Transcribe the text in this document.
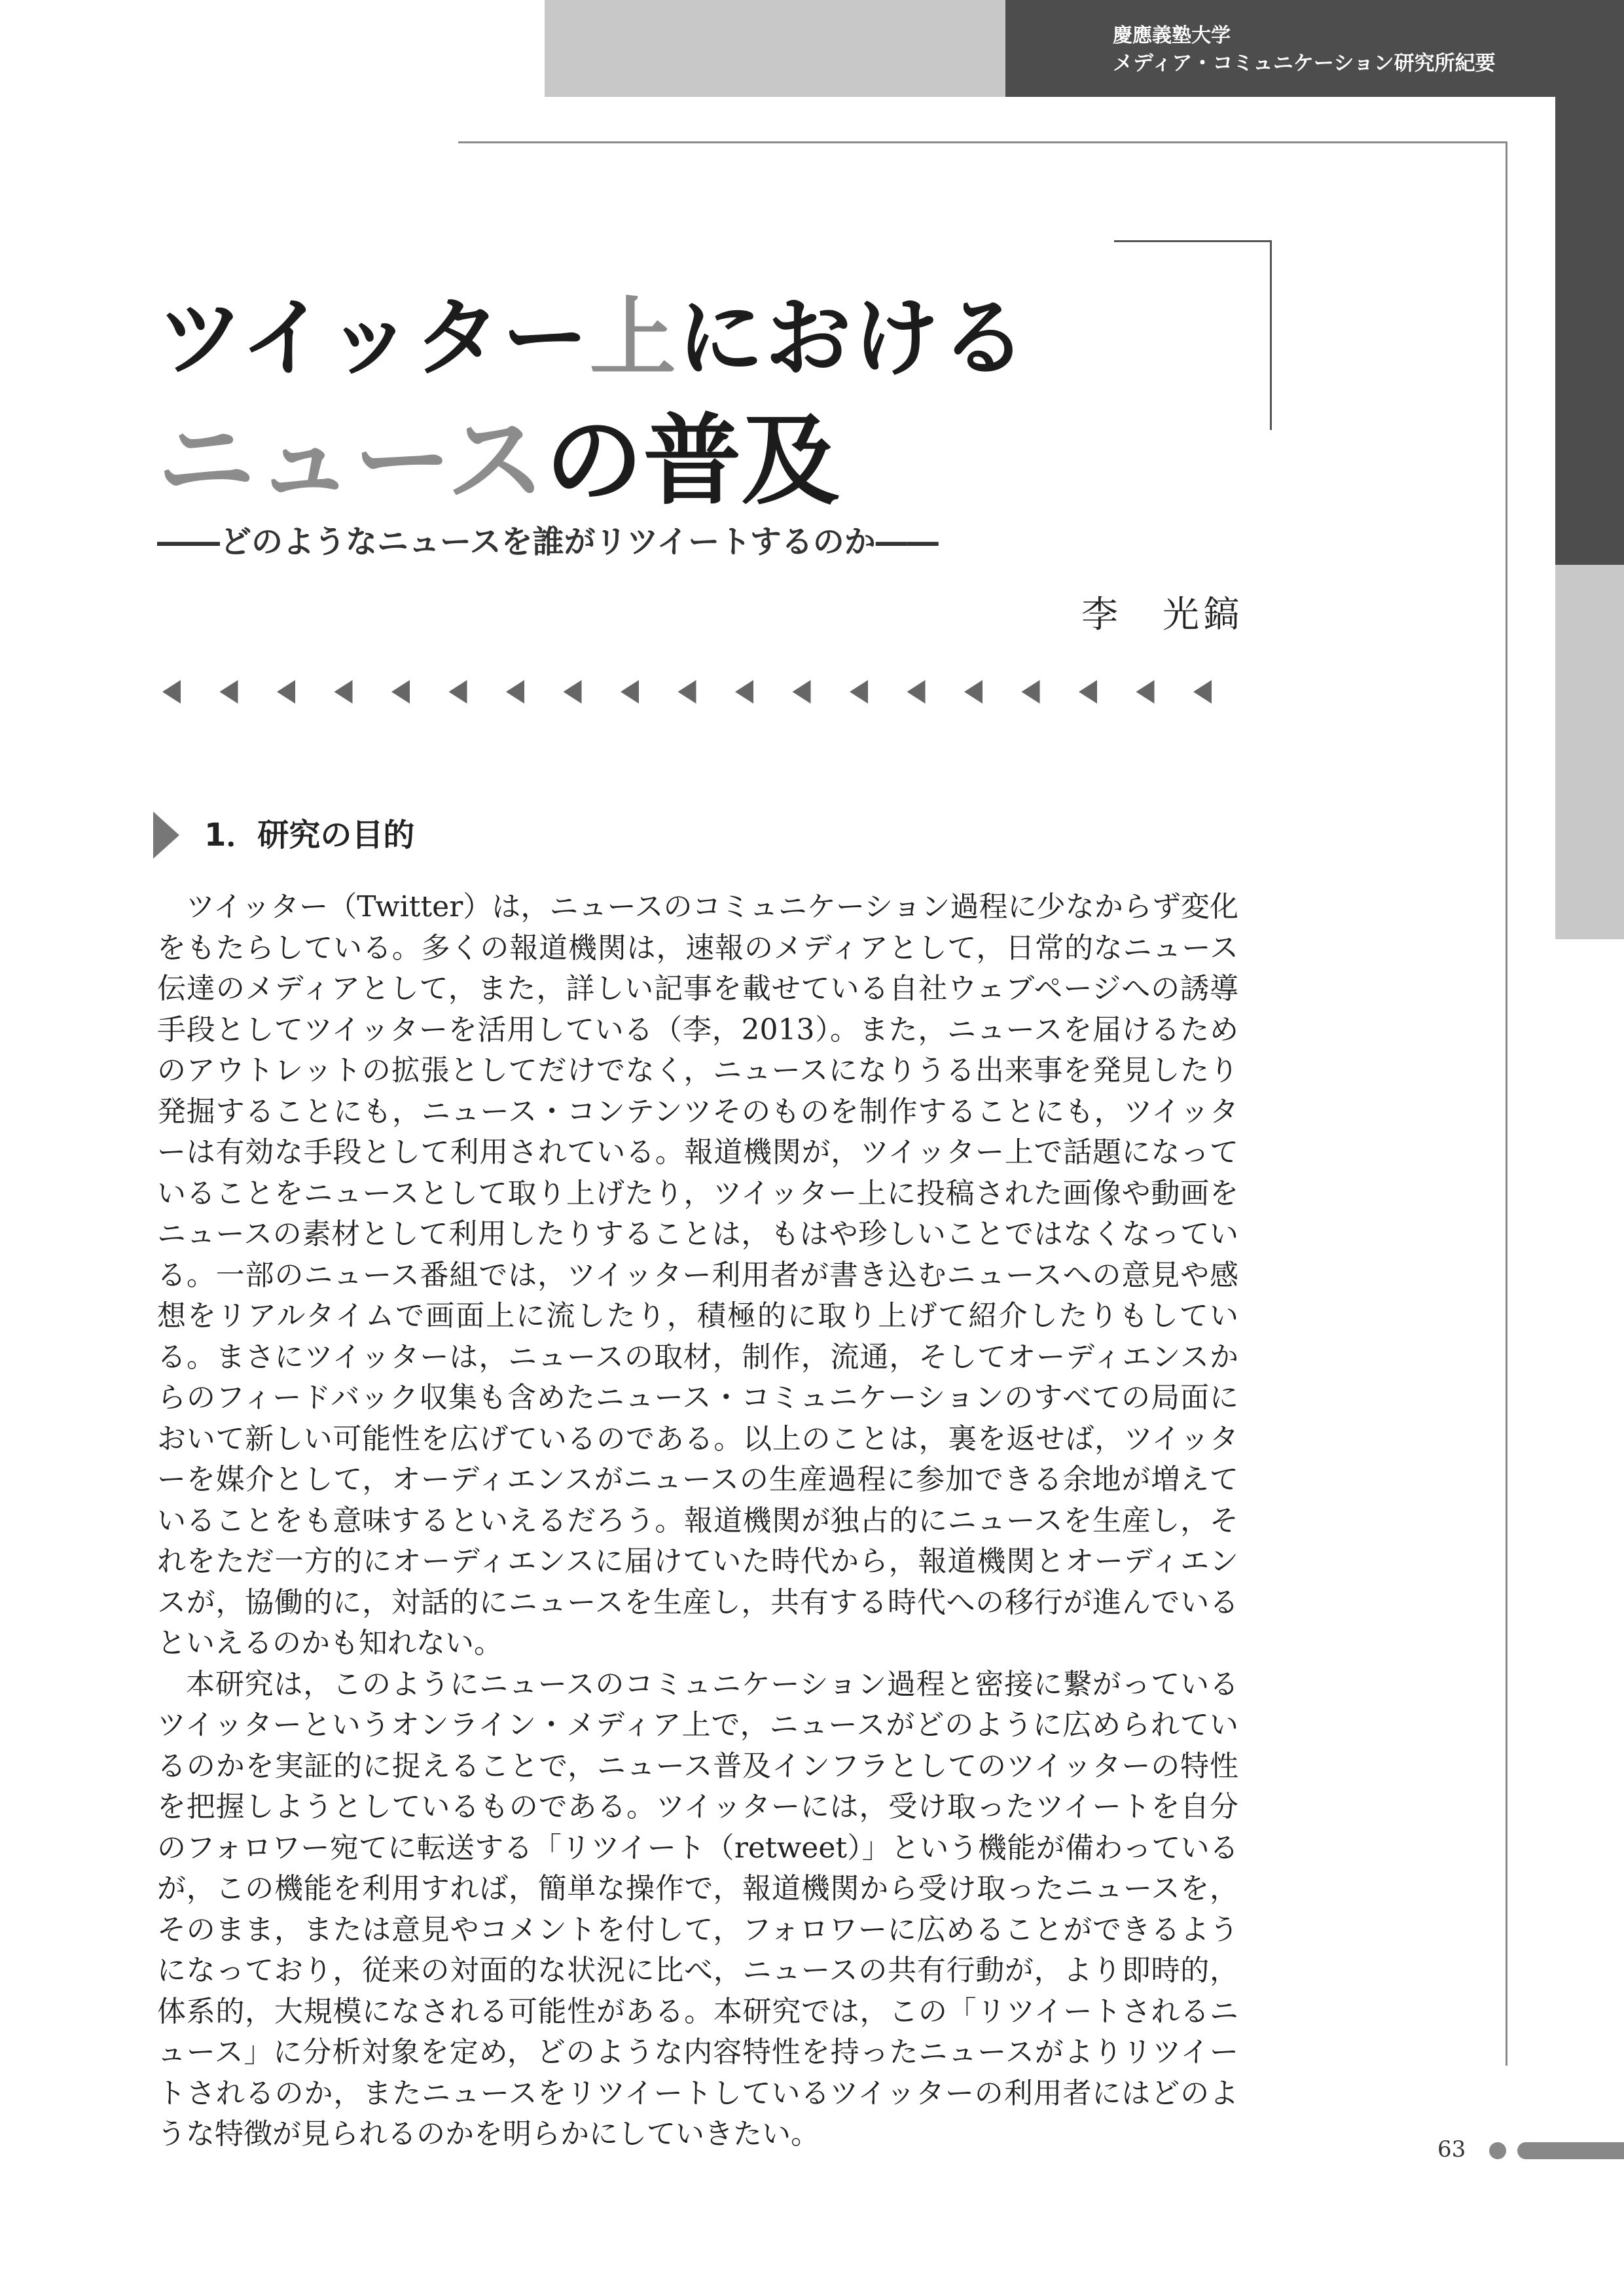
慶應義塾大学
メディア・コミュニケーション研究所紀要
ツイッター上における
ニュースの普及
――どのようなニュースを誰がリツイートするのか――
李　光鎬
1．研究の目的

ツイッター（Twitter）は，ニュースのコミュニケーション過程に少なからず変化をもたらしている。多くの報道機関は，速報のメディアとして，日常的なニュース伝達のメディアとして，また，詳しい記事を載せている自社ウェブページへの誘導手段としてツイッターを活用している（李，2013）。また，ニュースを届けるためのアウトレットの拡張としてだけでなく，ニュースになりうる出来事を発見したり発掘することにも，ニュース・コンテンツそのものを制作することにも，ツイッターは有効な手段として利用されている。報道機関が，ツイッター上で話題になっていることをニュースとして取り上げたり，ツイッター上に投稿された画像や動画をニュースの素材として利用したりすることは，もはや珍しいことではなくなっている。一部のニュース番組では，ツイッター利用者が書き込むニュースへの意見や感想をリアルタイムで画面上に流したり，積極的に取り上げて紹介したりもしている。まさにツイッターは，ニュースの取材，制作，流通，そしてオーディエンスからのフィードバック収集も含めたニュース・コミュニケーションのすべての局面において新しい可能性を広げているのである。以上のことは，裏を返せば，ツイッターを媒介として，オーディエンスがニュースの生産過程に参加できる余地が増えていることをも意味するといえるだろう。報道機関が独占的にニュースを生産し，それをただ一方的にオーディエンスに届けていた時代から，報道機関とオーディエンスが，協働的に，対話的にニュースを生産し，共有する時代への移行が進んでいるといえるのかも知れない。

本研究は，このようにニュースのコミュニケーション過程と密接に繋がっているツイッターというオンライン・メディア上で，ニュースがどのように広められているのかを実証的に捉えることで，ニュース普及インフラとしてのツイッターの特性を把握しようとしているものである。ツイッターには，受け取ったツイートを自分のフォロワー宛てに転送する「リツイート（retweet）」という機能が備わっているが，この機能を利用すれば，簡単な操作で，報道機関から受け取ったニュースを，そのまま，または意見やコメントを付して，フォロワーに広めることができるようになっており，従来の対面的な状況に比べ，ニュースの共有行動が，より即時的，体系的，大規模になされる可能性がある。本研究では，この「リツイートされるニュース」に分析対象を定め，どのような内容特性を持ったニュースがよりリツイートされるのか，またニュースをリツイートしているツイッターの利用者にはどのような特徴が見られるのかを明らかにしていきたい。	63
